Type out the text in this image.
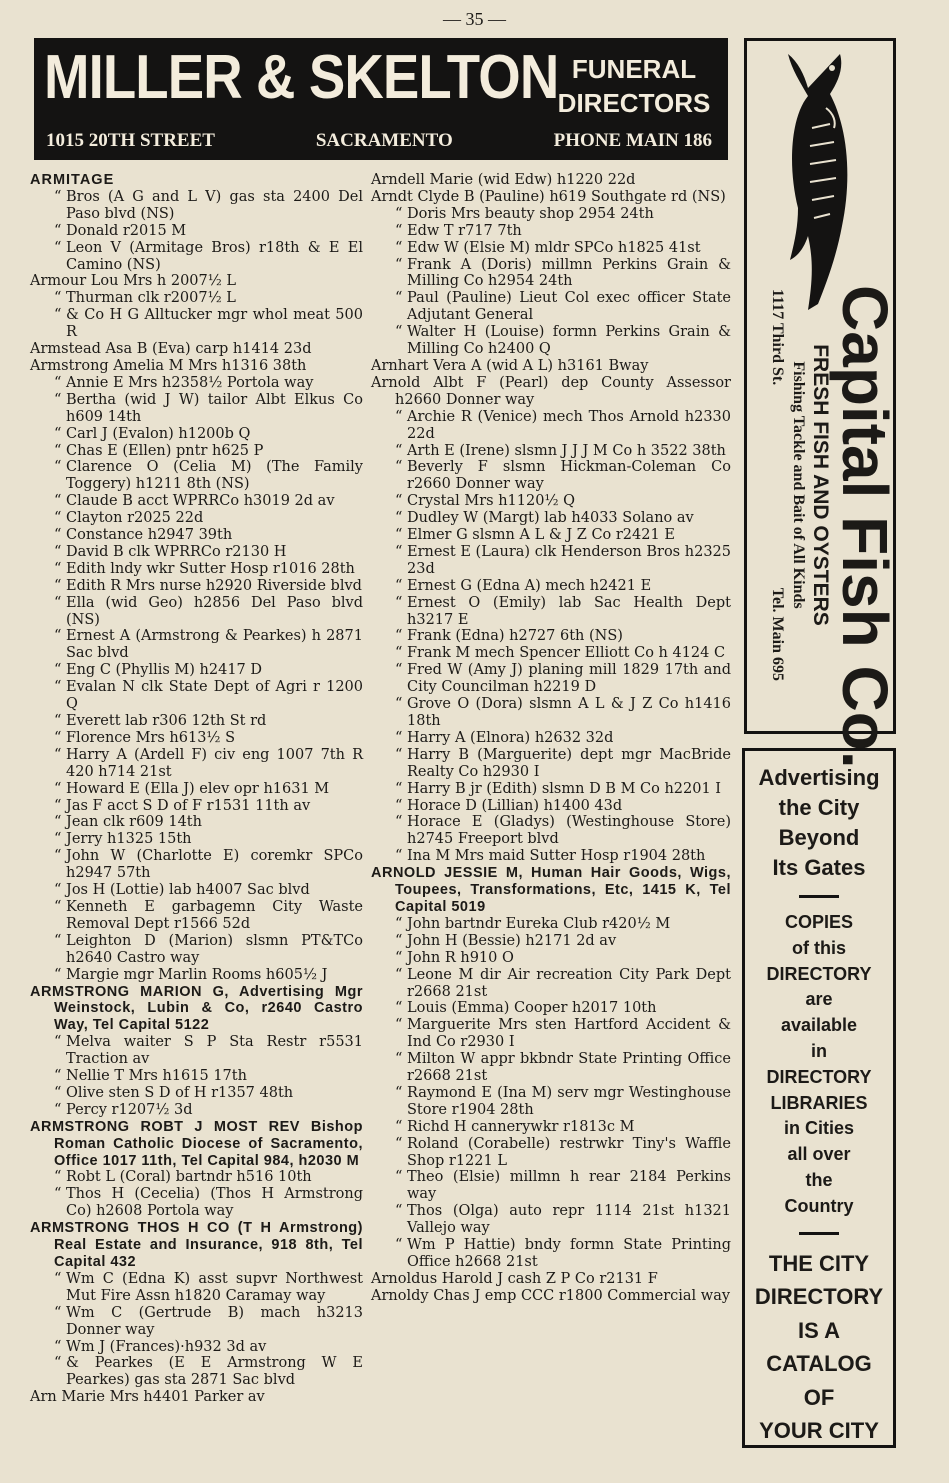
— 35 —
MILLER & SKELTON FUNERAL
DIRECTORS
1015 20TH STREET	SACRAMENTO	PHONE MAIN 186
ARMITAGE
“ Bros (A G and L V) gas sta 2400 Del Paso blvd (NS)
“ Donald r2015 M
“ Leon V (Armitage Bros) r18th & E El Camino (NS)
Armour Lou Mrs h 2007½ L
“ Thurman clk r2007½ L
“ & Co H G Alltucker mgr whol meat 500 R
Armstead Asa B (Eva) carp h1414 23d
Armstrong Amelia M Mrs h1316 38th
“ Annie E Mrs h2358½ Portola way
“ Bertha (wid J W) tailor Albt Elkus Co h609 14th
“ Carl J (Evalon) h1200b Q
“ Chas E (Ellen) pntr h625 P
“ Clarence O (Celia M) (The Family Toggery) h1211 8th (NS)
“ Claude B acct WPRRCo h3019 2d av
“ Clayton r2025 22d
“ Constance h2947 39th
“ David B clk WPRRCo r2130 H
“ Edith lndy wkr Sutter Hosp r1016 28th
“ Edith R Mrs nurse h2920 Riverside blvd
“ Ella (wid Geo) h2856 Del Paso blvd (NS)
“ Ernest A (Armstrong & Pearkes) h 2871 Sac blvd
“ Eng C (Phyllis M) h2417 D
“ Evalan N clk State Dept of Agri r 1200 Q
“ Everett lab r306 12th St rd
“ Florence Mrs h613½ S
“ Harry A (Ardell F) civ eng 1007 7th R 420 h714 21st
“ Howard E (Ella J) elev opr h1631 M
“ Jas F acct S D of F r1531 11th av
“ Jean clk r609 14th
“ Jerry h1325 15th
“ John W (Charlotte E) coremkr SPCo h2947 57th
“ Jos H (Lottie) lab h4007 Sac blvd
“ Kenneth E garbagemn City Waste Removal Dept r1566 52d
“ Leighton D (Marion) slsmn PT&TCo h2640 Castro way
“ Margie mgr Marlin Rooms h605½ J
ARMSTRONG MARION G, Advertising Mgr Weinstock, Lubin & Co, r2640 Castro Way, Tel Capital 5122
“ Melva waiter S P Sta Restr r5531 Traction av
“ Nellie T Mrs h1615 17th
“ Olive sten S D of H r1357 48th
“ Percy r1207½ 3d
ARMSTRONG ROBT J MOST REV Bishop Roman Catholic Diocese of Sacramento, Office 1017 11th, Tel Capital 984, h2030 M
“ Robt L (Coral) bartndr h516 10th
“ Thos H (Cecelia) (Thos H Armstrong Co) h2608 Portola way
ARMSTRONG THOS H CO (T H Armstrong) Real Estate and Insurance, 918 8th, Tel Capital 432
“ Wm C (Edna K) asst supvr Northwest Mut Fire Assn h1820 Caramay way
“ Wm C (Gertrude B) mach h3213 Donner way
“ Wm J (Frances)·h932 3d av
“ & Pearkes (E E Armstrong W E Pearkes) gas sta 2871 Sac blvd
Arn Marie Mrs h4401 Parker av
Arndell Marie (wid Edw) h1220 22d
Arndt Clyde B (Pauline) h619 Southgate rd (NS)
“ Doris Mrs beauty shop 2954 24th
“ Edw T r717 7th
“ Edw W (Elsie M) mldr SPCo h1825 41st
“ Frank A (Doris) millmn Perkins Grain & Milling Co h2954 24th
“ Paul (Pauline) Lieut Col exec officer State Adjutant General
“ Walter H (Louise) formn Perkins Grain & Milling Co h2400 Q
Arnhart Vera A (wid A L) h3161 Bway
Arnold Albt F (Pearl) dep County Assessor h2660 Donner way
“ Archie R (Venice) mech Thos Arnold h2330 22d
“ Arth E (Irene) slsmn J J J M Co h 3522 38th
“ Beverly F slsmn Hickman-Coleman Co r2660 Donner way
“ Crystal Mrs h1120½ Q
“ Dudley W (Margt) lab h4033 Solano av
“ Elmer G slsmn A L & J Z Co r2421 E
“ Ernest E (Laura) clk Henderson Bros h2325 23d
“ Ernest G (Edna A) mech h2421 E
“ Ernest O (Emily) lab Sac Health Dept h3217 E
“ Frank (Edna) h2727 6th (NS)
“ Frank M mech Spencer Elliott Co h 4124 C
“ Fred W (Amy J) planing mill 1829 17th and City Councilman h2219 D
“ Grove O (Dora) slsmn A L & J Z Co h1416 18th
“ Harry A (Elnora) h2632 32d
“ Harry B (Marguerite) dept mgr MacBride Realty Co h2930 I
“ Harry B jr (Edith) slsmn D B M Co h2201 I
“ Horace D (Lillian) h1400 43d
“ Horace E (Gladys) (Westinghouse Store) h2745 Freeport blvd
“ Ina M Mrs maid Sutter Hosp r1904 28th
ARNOLD JESSIE M, Human Hair Goods, Wigs, Toupees, Transformations, Etc, 1415 K, Tel Capital 5019
“ John bartndr Eureka Club r420½ M
“ John H (Bessie) h2171 2d av
“ John R h910 O
“ Leone M dir Air recreation City Park Dept r2668 21st
“ Louis (Emma) Cooper h2017 10th
“ Marguerite Mrs sten Hartford Accident & Ind Co r2930 I
“ Milton W appr bkbndr State Printing Office r2668 21st
“ Raymond E (Ina M) serv mgr Westinghouse Store r1904 28th
“ Richd H cannerywkr r1813c M
“ Roland (Corabelle) restrwkr Tiny's Waffle Shop r1221 L
“ Theo (Elsie) millmn h rear 2184 Perkins way
“ Thos (Olga) auto repr 1114 21st h1321 Vallejo way
“ Wm P Hattie) bndy formn State Printing Office h2668 21st
Arnoldus Harold J cash Z P Co r2131 F
Arnoldy Chas J emp CCC r1800 Commercial way
Capital Fish Co.
FRESH FISH AND OYSTERS
Fishing Tackle and Bait of All Kinds
1117 Third St.
Tel. Main 695
Advertising
the City
Beyond
Its Gates
COPIES
of this
DIRECTORY
are
available
in
DIRECTORY
LIBRARIES
in Cities
all over
the
Country
THE CITY
DIRECTORY
IS A
CATALOG
OF
YOUR CITY
